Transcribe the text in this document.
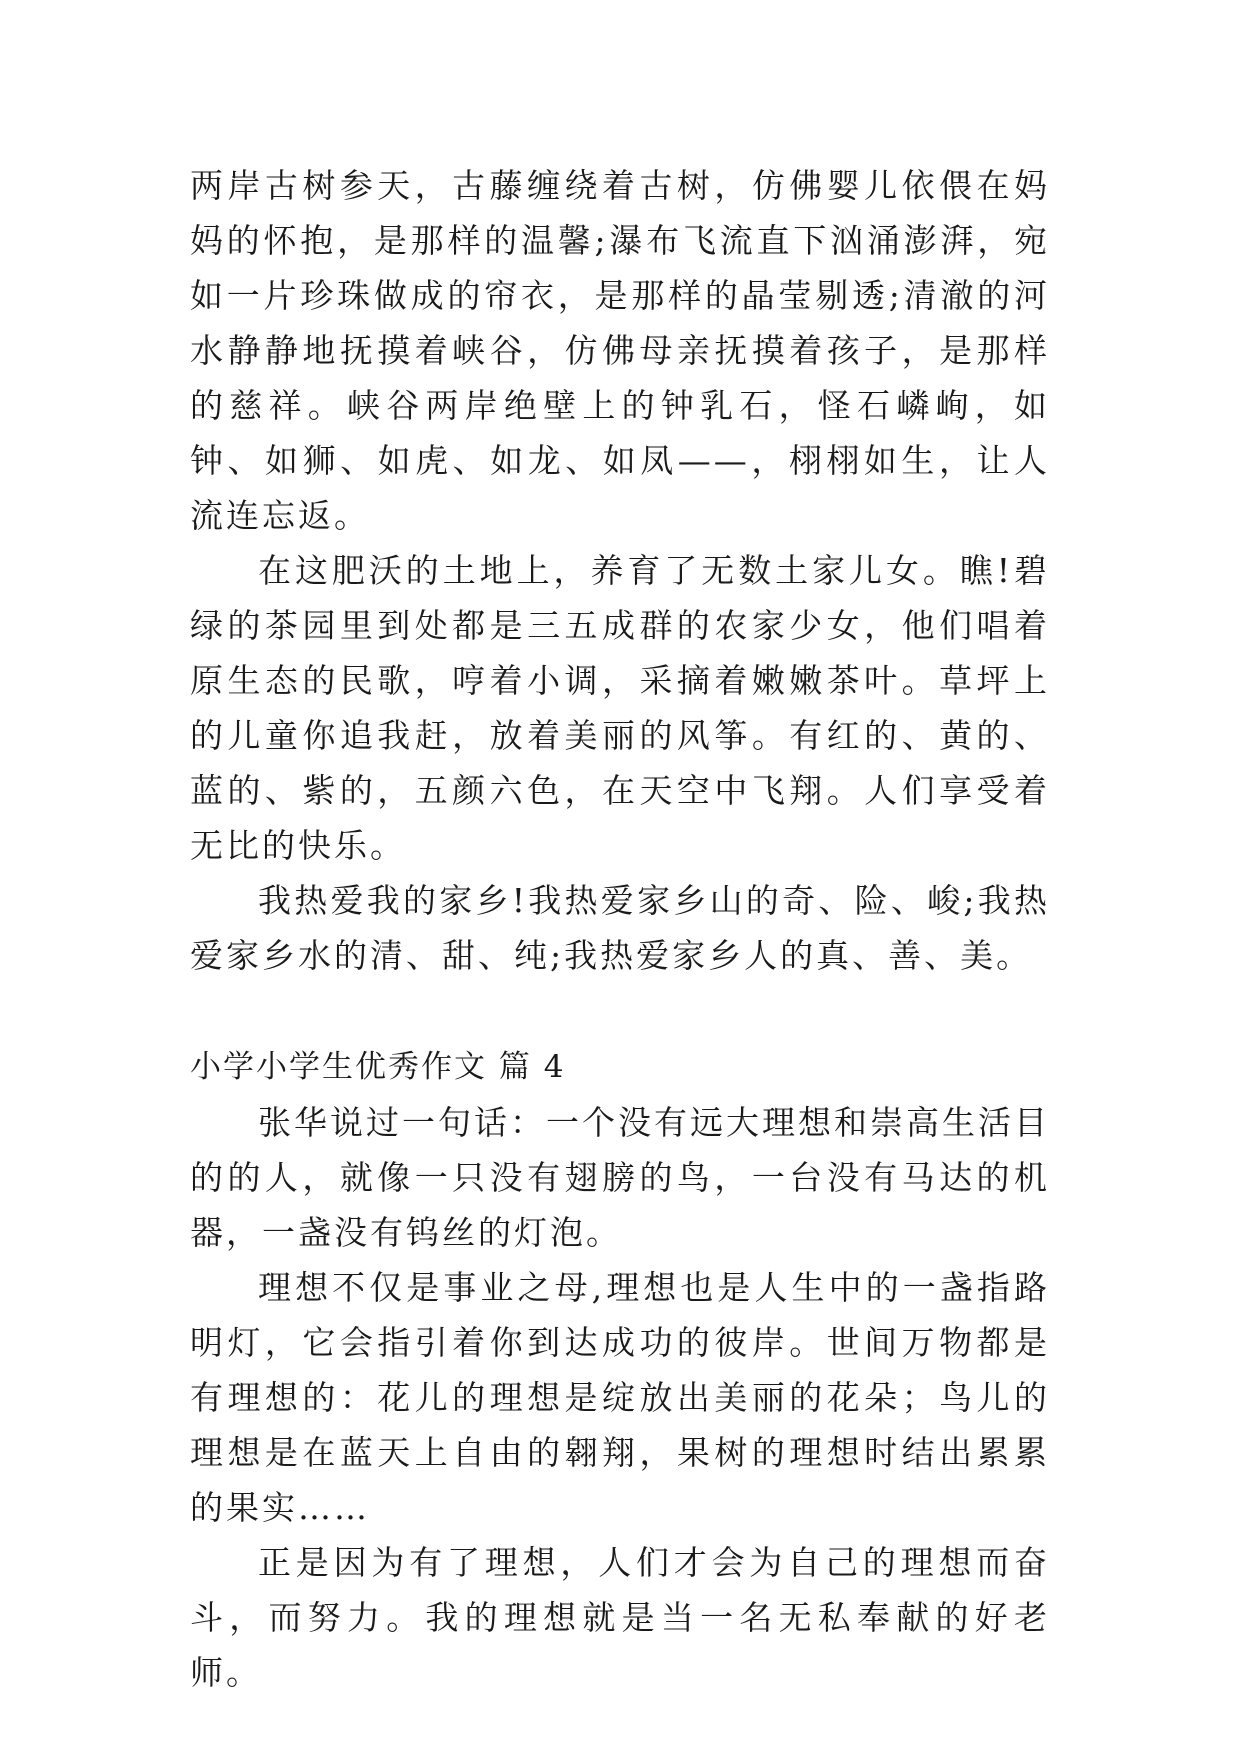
两岸古树参天，古藤缠绕着古树，仿佛婴儿依偎在妈妈的怀抱，是那样的温馨;瀑布飞流直下汹涌澎湃，宛如一片珍珠做成的帘衣，是那样的晶莹剔透;清澈的河水静静地抚摸着峡谷，仿佛母亲抚摸着孩子，是那样的慈祥。峡谷两岸绝壁上的钟乳石，怪石嶙峋，如钟、如狮、如虎、如龙、如凤——，栩栩如生，让人流连忘返。

在这肥沃的土地上，养育了无数土家儿女。瞧!碧绿的茶园里到处都是三五成群的农家少女，他们唱着原生态的民歌，哼着小调，采摘着嫩嫩茶叶。草坪上的儿童你追我赶，放着美丽的风筝。有红的、黄的、蓝的、紫的，五颜六色，在天空中飞翔。人们享受着无比的快乐。

我热爱我的家乡!我热爱家乡山的奇、险、峻;我热爱家乡水的清、甜、纯;我热爱家乡人的真、善、美。

小学小学生优秀作文 篇 4

张华说过一句话：一个没有远大理想和崇高生活目的的人，就像一只没有翅膀的鸟，一台没有马达的机器，一盏没有钨丝的灯泡。

理想不仅是事业之母,理想也是人生中的一盏指路明灯，它会指引着你到达成功的彼岸。世间万物都是有理想的：花儿的理想是绽放出美丽的花朵；鸟儿的理想是在蓝天上自由的翱翔，果树的理想时结出累累的果实……

正是因为有了理想，人们才会为自己的理想而奋斗，而努力。我的理想就是当一名无私奉献的好老师。
